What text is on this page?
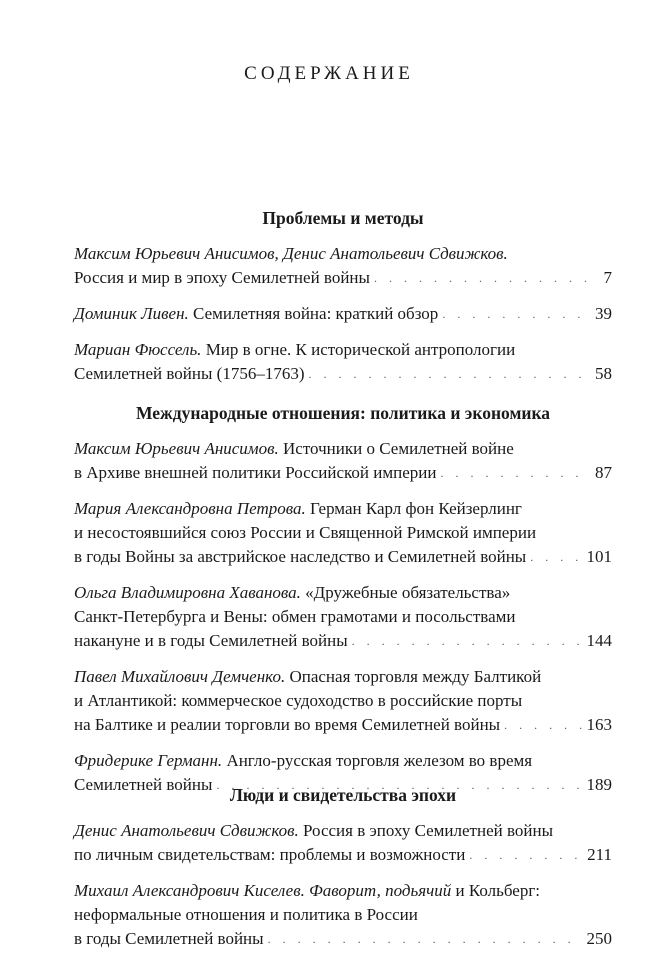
СОДЕРЖАНИЕ
Проблемы и методы
Максим Юрьевич Анисимов, Денис Анатольевич Сдвижков.
Россия и мир в эпоху Семилетней войны . . .	7
Доминик Ливен. Семилетняя война: краткий обзор . . .	39
Мариан Фюссель. Мир в огне. К исторической антропологии
Семилетней войны (1756–1763) . . .	58
Международные отношения: политика и экономика
Максим Юрьевич Анисимов. Источники о Семилетней войне
в Архиве внешней политики Российской империи . . .	87
Мария Александровна Петрова. Герман Карл фон Кейзерлинг
и несостоявшийся союз России и Священной Римской империи
в годы Войны за австрийское наследство и Семилетней войны . . .	101
Ольга Владимировна Хаванова. «Дружебные обязательства»
Санкт-Петербурга и Вены: обмен грамотами и посольствами
накануне и в годы Семилетней войны . . .	144
Павел Михайлович Демченко. Опасная торговля между Балтикой
и Атлантикой: коммерческое судоходство в российские порты
на Балтике и реалии торговли во время Семилетней войны . . .	163
Фридерике Германн. Англо-русская торговля железом во время
Семилетней войны . . .	189
Люди и свидетельства эпохи
Денис Анатольевич Сдвижков. Россия в эпоху Семилетней войны
по личным свидетельствам: проблемы и возможности . . .	211
Михаил Александрович Киселев. Фаворит, подьячий и Кольберг:
неформальные отношения и политика в России
в годы Семилетней войны . . .	250
